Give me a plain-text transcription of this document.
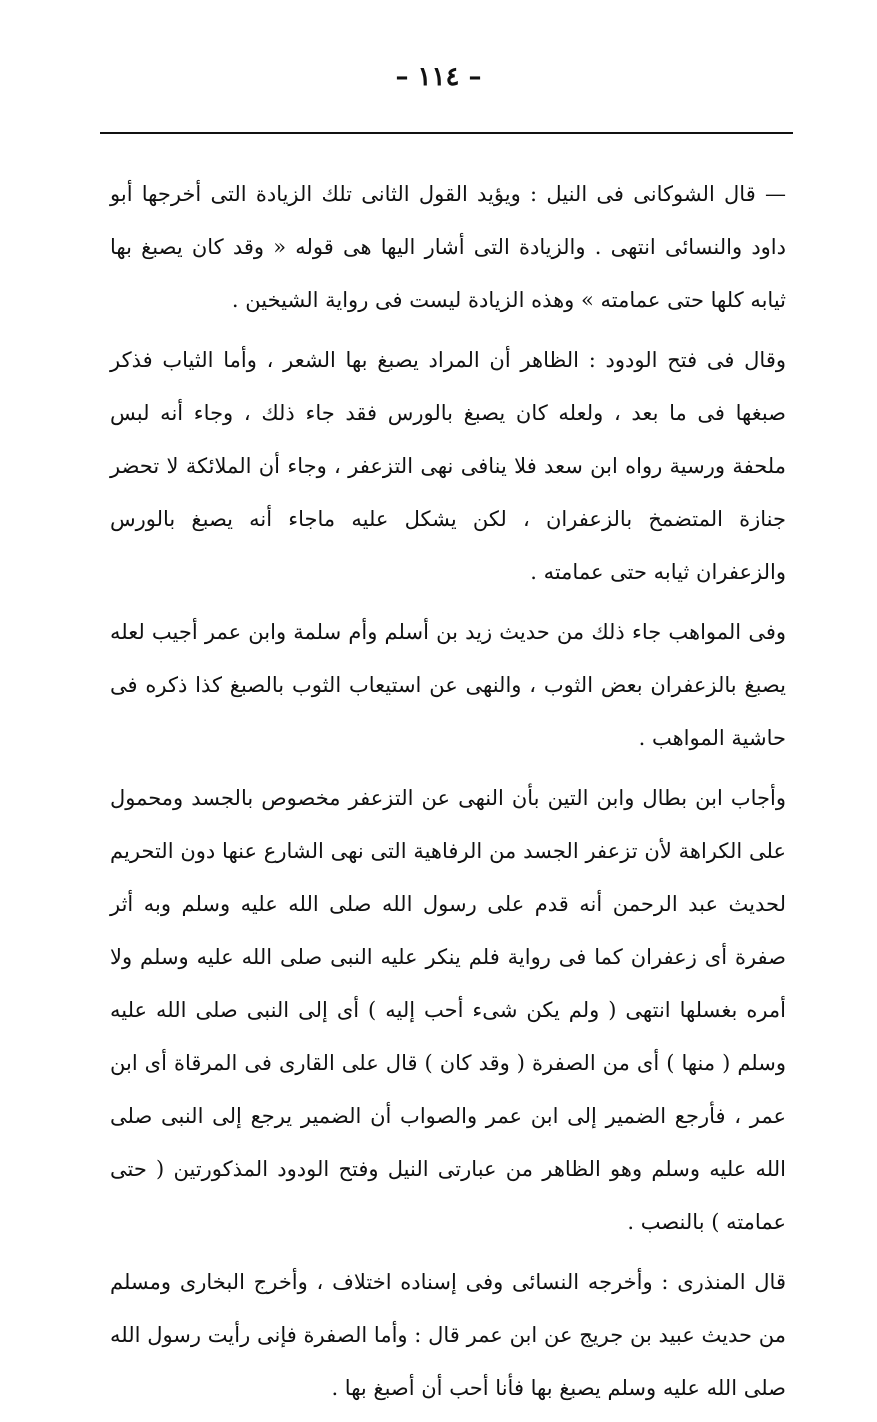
– ١١٤ –

— قال الشوكانى فى النيل : ويؤيد القول الثانى تلك الزيادة التى أخرجها أبو داود والنسائى انتهى . والزيادة التى أشار اليها هى قوله « وقد كان يصبغ بها ثيابه كلها حتى عمامته » وهذه الزيادة ليست فى رواية الشيخين .

وقال فى فتح الودود : الظاهر أن المراد يصبغ بها الشعر ، وأما الثياب فذكر صبغها فى ما بعد ، ولعله كان يصبغ بالورس فقد جاء ذلك ، وجاء أنه لبس ملحفة ورسية رواه ابن سعد فلا ينافى نهى التزعفر ، وجاء أن الملائكة لا تحضر جنازة المتضمخ بالزعفران ، لكن يشكل عليه ماجاء أنه يصبغ بالورس والزعفران ثيابه حتى عمامته .

وفى المواهب جاء ذلك من حديث زيد بن أسلم وأم سلمة وابن عمر أجيب لعله يصبغ بالزعفران بعض الثوب ، والنهى عن استيعاب الثوب بالصبغ كذا ذكره فى حاشية المواهب .

وأجاب ابن بطال وابن التين بأن النهى عن التزعفر مخصوص بالجسد ومحمول على الكراهة لأن تزعفر الجسد من الرفاهية التى نهى الشارع عنها دون التحريم لحديث عبد الرحمن أنه قدم على رسول الله صلى الله عليه وسلم وبه أثر صفرة أى زعفران كما فى رواية فلم ينكر عليه النبى صلى الله عليه وسلم ولا أمره بغسلها انتهى ( ولم يكن شىء أحب إليه ) أى إلى النبى صلى الله عليه وسلم ( منها ) أى من الصفرة ( وقد كان ) قال على القارى فى المرقاة أى ابن عمر ، فأرجع الضمير إلى ابن عمر والصواب أن الضمير يرجع إلى النبى صلى الله عليه وسلم وهو الظاهر من عبارتى النيل وفتح الودود المذكورتين ( حتى عمامته ) بالنصب .

قال المنذرى : وأخرجه النسائى وفى إسناده اختلاف ، وأخرج البخارى ومسلم من حديث عبيد بن جريج عن ابن عمر قال : وأما الصفرة فإنى رأيت رسول الله صلى الله عليه وسلم يصبغ بها فأنا أحب أن أصبغ بها .
